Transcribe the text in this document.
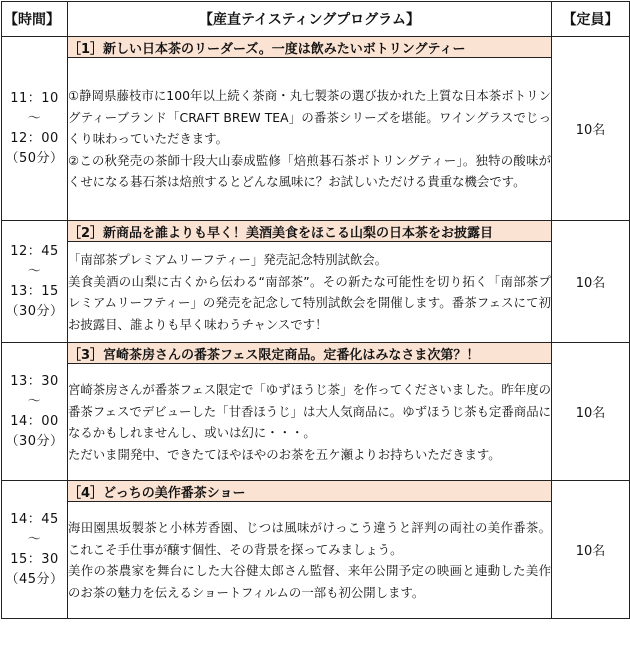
【時間】	【産直テイスティングプログラム】	【定員】

11：10
～
12：00
（50分）	［1］新しい日本茶のリーダーズ。一度は飲みたいボトリングティー	10名

	①静岡県藤枝市に100年以上続く茶商・丸七製茶の選び抜かれた上質な日本茶ボトリングティーブランド「CRAFT BREW TEA」の番茶シリーズを堪能。ワイングラスでじっくり味わっていただきます。

②この秋発売の茶師十段大山泰成監修「焙煎碁石茶ボトリングティー」。独特の酸味がくせになる碁石茶は焙煎するとどんな風味に？お試しいただける貴重な機会です。	

12：45
～
13：15
（30分）	［2］新商品を誰よりも早く！美酒美食をほこる山梨の日本茶をお披露目	10名

	「南部茶プレミアムリーフティー」発売記念特別試飲会。

美食美酒の山梨に古くから伝わる“南部茶”。その新たな可能性を切り拓く「南部茶プレミアムリーフティー」の発売を記念して特別試飲会を開催します。番茶フェスにて初お披露目、誰よりも早く味わうチャンスです！	

13：30
～
14：00
（30分）	［3］宮崎茶房さんの番茶フェス限定商品。定番化はみなさま次第？！	10名

	宮崎茶房さんが番茶フェス限定で「ゆずほうじ茶」を作ってくださいました。昨年度の番茶フェスでデビューした「甘香ほうじ」は大人気商品に。ゆずほうじ茶も定番商品になるかもしれませんし、或いは幻に・・・。

ただいま開発中、できたてほやほやのお茶を五ケ瀬よりお持ちいただきます。	

14：45
～
15：30
（45分）	［4］どっちの美作番茶ショー	10名

	海田園黒坂製茶と小林芳香園、じつは風味がけっこう違うと評判の両社の美作番茶。これこそ手仕事が醸す個性、その背景を探ってみましょう。

美作の茶農家を舞台にした大谷健太郎さん監督、来年公開予定の映画と連動した美作のお茶の魅力を伝えるショートフィルムの一部も初公開します。	
